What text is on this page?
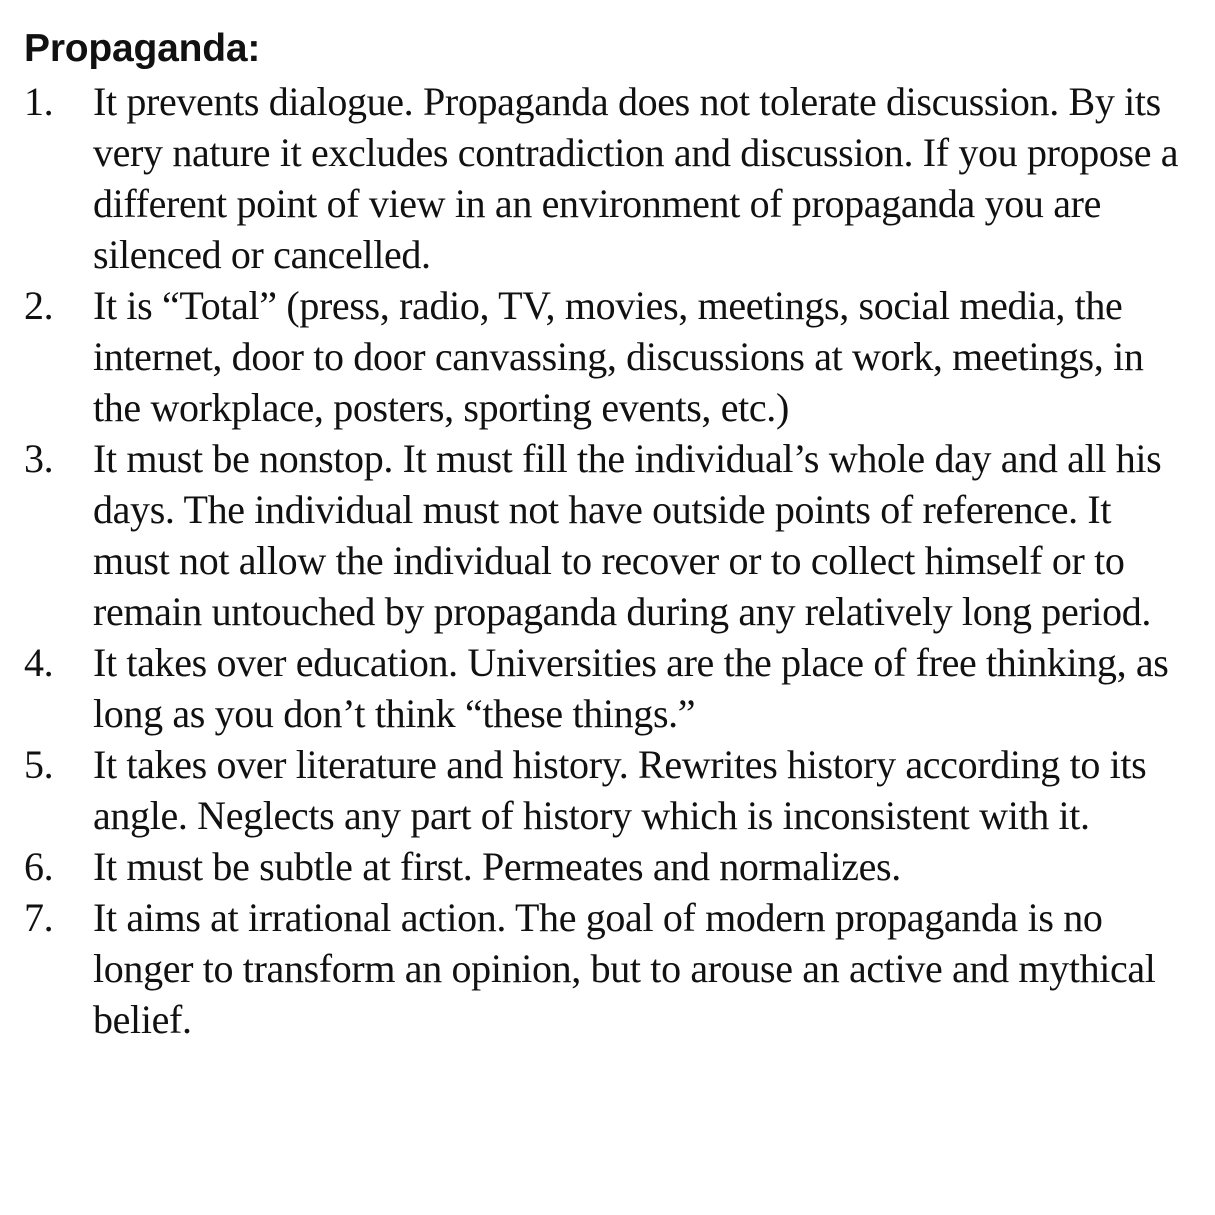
Propaganda:
1. It prevents dialogue. Propaganda does not tolerate discussion. By its very nature it excludes contradiction and discussion. If you propose a different point of view in an environment of propaganda you are silenced or cancelled.
2. It is “Total” (press, radio, TV, movies, meetings, social media, the internet, door to door canvassing, discussions at work, meetings, in the workplace, posters, sporting events, etc.)
3. It must be nonstop. It must fill the individual’s whole day and all his days. The individual must not have outside points of reference. It must not allow the individual to recover or to collect himself or to remain untouched by propaganda during any relatively long period.
4. It takes over education. Universities are the place of free thinking, as long as you don’t think “these things.”
5. It takes over literature and history. Rewrites history according to its angle. Neglects any part of history which is inconsistent with it.
6. It must be subtle at first. Permeates and normalizes.
7. It aims at irrational action. The goal of modern propaganda is no longer to transform an opinion, but to arouse an active and mythical belief.
